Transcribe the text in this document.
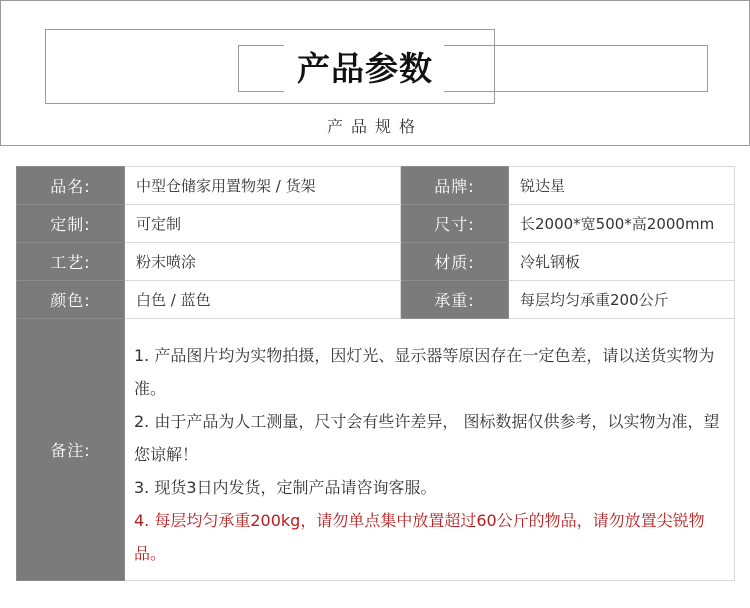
产品参数
产品规格
品名:	中型仓储家用置物架 / 货架	品牌:	锐达星
定制:	可定制	尺寸:	长2000*宽500*高2000mm
工艺:	粉末喷涂	材质:	冷轧钢板
颜色:	白色 / 蓝色	承重:	每层均匀承重200公斤
备注:	1. 产品图片均为实物拍摄，因灯光、显示器等原因存在一定色差，请以送货实物为准。
2. 由于产品为人工测量，尺寸会有些许差异， 图标数据仅供参考，以实物为准，望您谅解！
3. 现货3日内发货，定制产品请咨询客服。
4. 每层均匀承重200kg，请勿单点集中放置超过60公斤的物品，请勿放置尖锐物品。		
